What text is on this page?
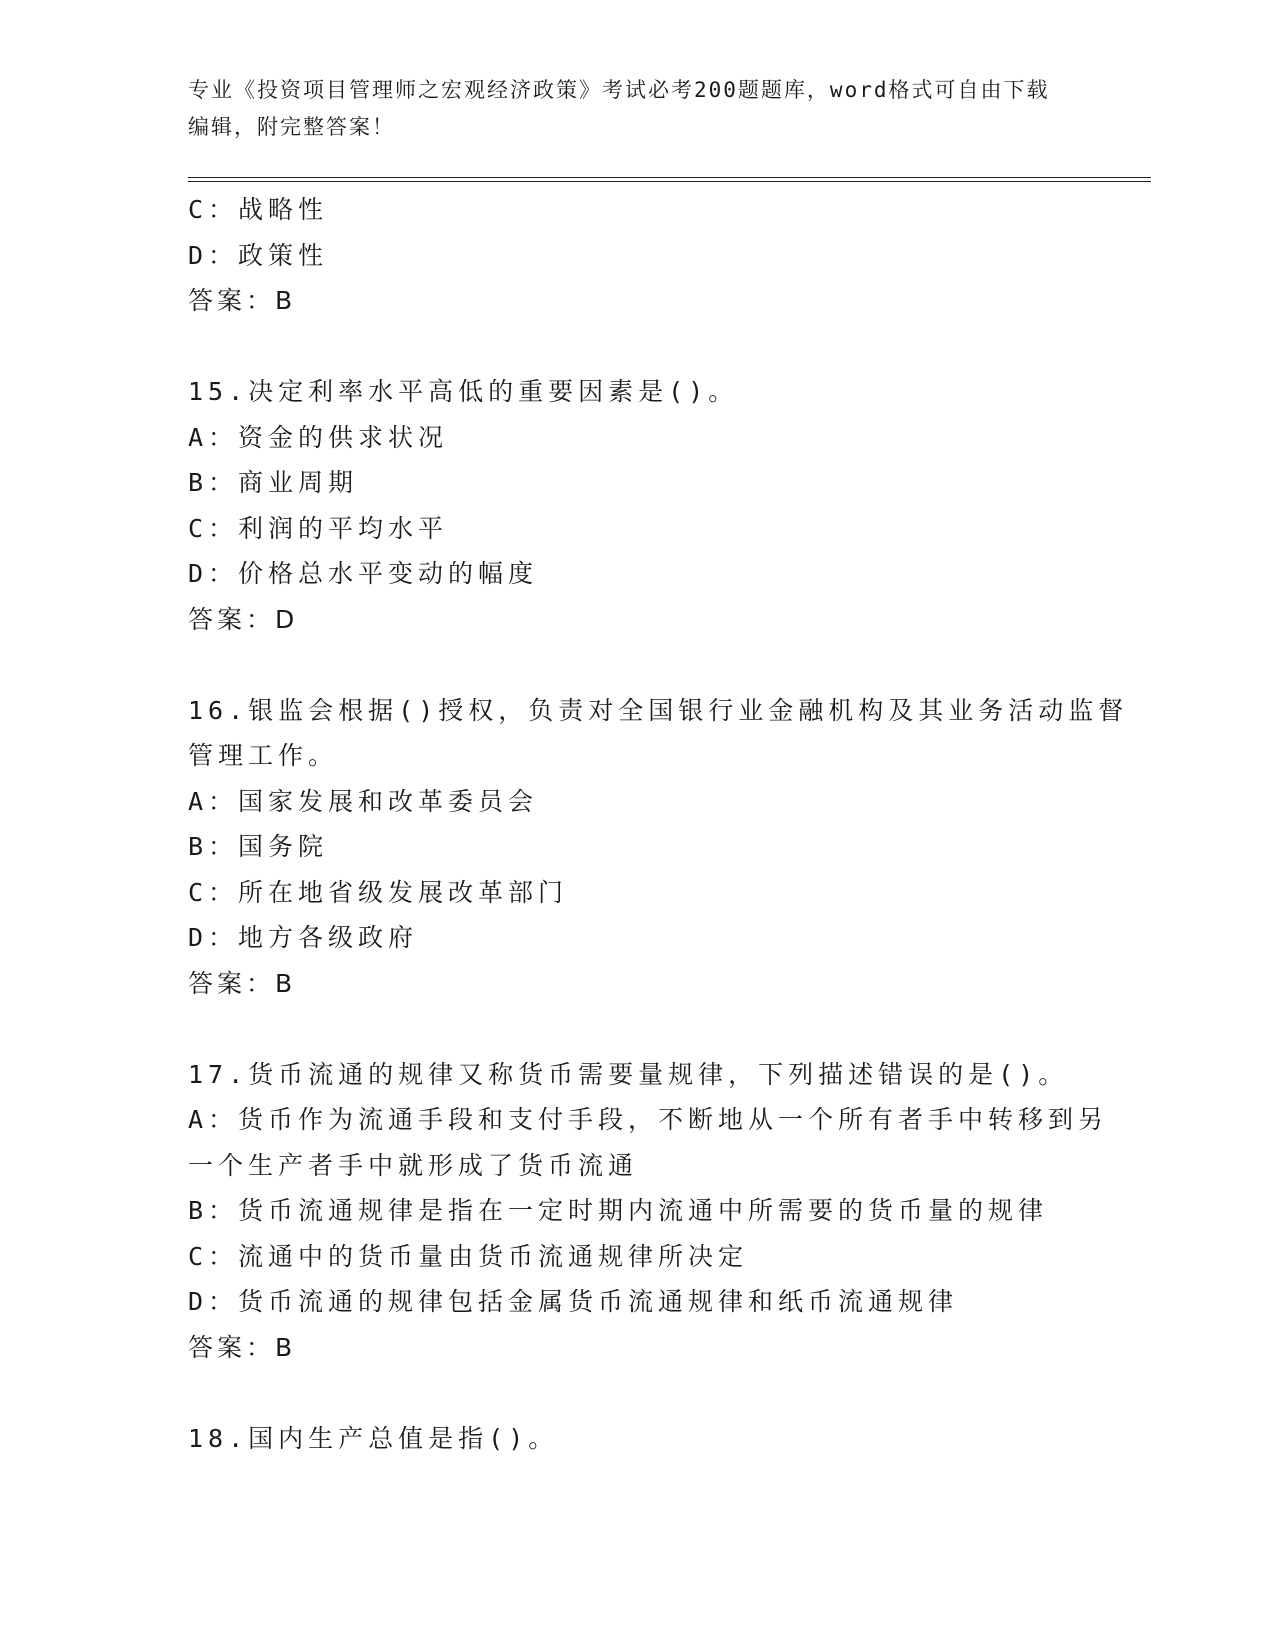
专业《投资项目管理师之宏观经济政策》考试必考200题题库，word格式可自由下载编辑，附完整答案！
C：战略性
D：政策性
答案：B
15.决定利率水平高低的重要因素是()。
A：资金的供求状况
B：商业周期
C：利润的平均水平
D：价格总水平变动的幅度
答案：D
16.银监会根据()授权，负责对全国银行业金融机构及其业务活动监督
管理工作。
A：国家发展和改革委员会
B：国务院
C：所在地省级发展改革部门
D：地方各级政府
答案：B
17.货币流通的规律又称货币需要量规律，下列描述错误的是()。
A：货币作为流通手段和支付手段，不断地从一个所有者手中转移到另
一个生产者手中就形成了货币流通
B：货币流通规律是指在一定时期内流通中所需要的货币量的规律
C：流通中的货币量由货币流通规律所决定
D：货币流通的规律包括金属货币流通规律和纸币流通规律
答案：B
18.国内生产总值是指()。
